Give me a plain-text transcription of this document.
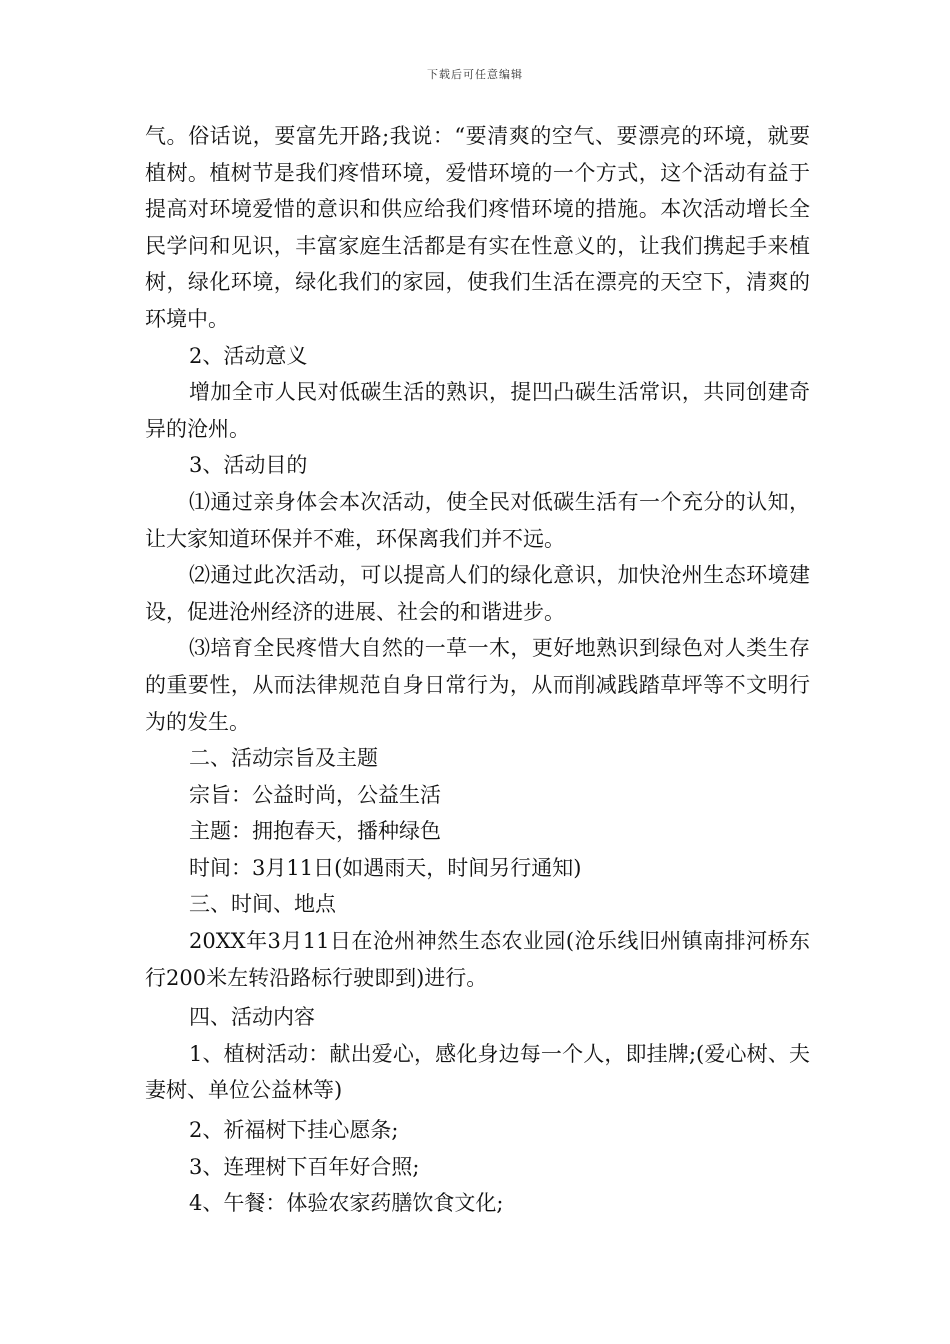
下载后可任意编辑

气。俗话说，要富先开路;我说：“要清爽的空气、要漂亮的环境，就要植树。植树节是我们疼惜环境，爱惜环境的一个方式，这个活动有益于提高对环境爱惜的意识和供应给我们疼惜环境的措施。本次活动增长全民学问和见识，丰富家庭生活都是有实在性意义的，让我们携起手来植树，绿化环境，绿化我们的家园，使我们生活在漂亮的天空下，清爽的环境中。

2、活动意义

增加全市人民对低碳生活的熟识，提凹凸碳生活常识，共同创建奇异的沧州。

3、活动目的

⑴通过亲身体会本次活动，使全民对低碳生活有一个充分的认知，让大家知道环保并不难，环保离我们并不远。

⑵通过此次活动，可以提高人们的绿化意识，加快沧州生态环境建设，促进沧州经济的进展、社会的和谐进步。

⑶培育全民疼惜大自然的一草一木，更好地熟识到绿色对人类生存的重要性，从而法律规范自身日常行为，从而削减践踏草坪等不文明行为的发生。

二、活动宗旨及主题

宗旨：公益时尚，公益生活

主题：拥抱春天，播种绿色

时间：3月11日(如遇雨天，时间另行通知)

三、时间、地点

20XX年3月11日在沧州神然生态农业园(沧乐线旧州镇南排河桥东行200米左转沿路标行驶即到)进行。

四、活动内容

1、植树活动：献出爱心，感化身边每一个人，即挂牌;(爱心树、夫妻树、单位公益林等)

2、祈福树下挂心愿条;

3、连理树下百年好合照;

4、午餐：体验农家药膳饮食文化;
